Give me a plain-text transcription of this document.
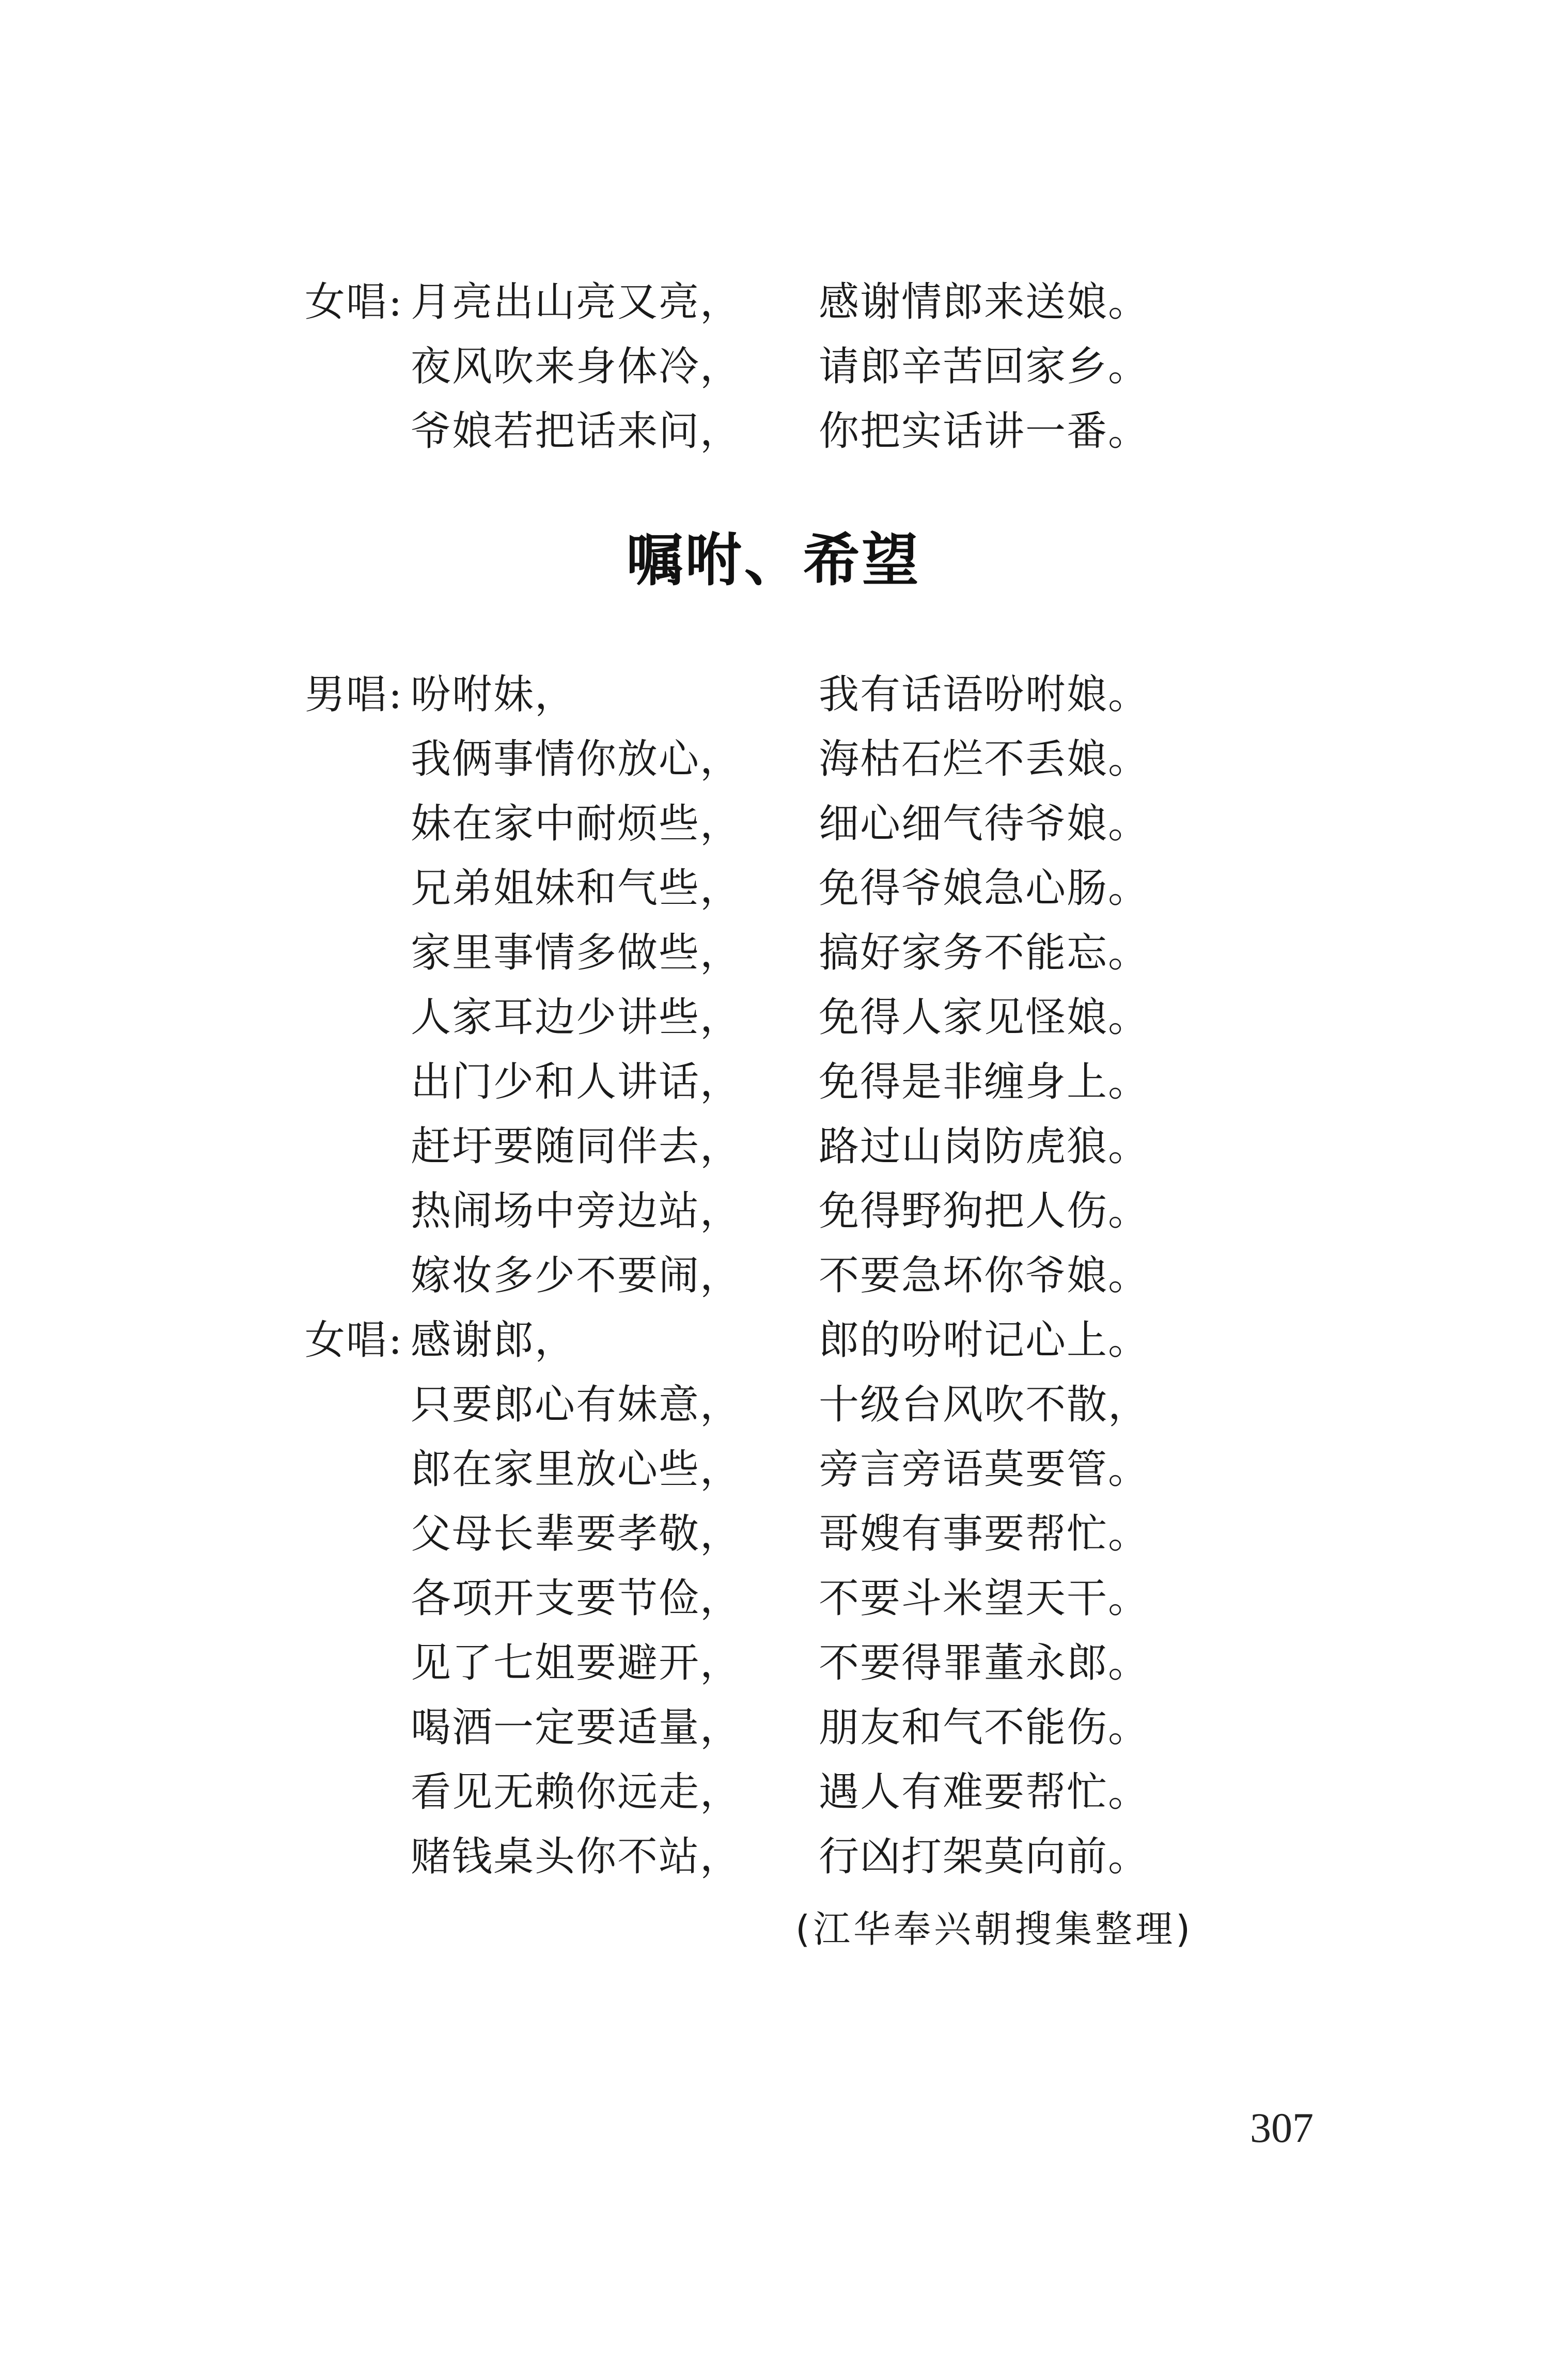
女唱 : 月亮出山亮又亮，	感谢情郎来送娘。
夜风吹来身体冷，	请郎辛苦回家乡。
爷娘若把话来问，	你把实话讲一番。
嘱咐、希望
男唱 : 吩咐妹，	我有话语吩咐娘。
我俩事情你放心，	海枯石烂不丢娘。
妹在家中耐烦些，	细心细气待爷娘。
兄弟姐妹和气些，	免得爷娘急心肠。
家里事情多做些，	搞好家务不能忘。
人家耳边少讲些，	免得人家见怪娘。
出门少和人讲话，	免得是非缠身上。
赶圩要随同伴去，	路过山岗防虎狼。
热闹场中旁边站，	免得野狗把人伤。
嫁妆多少不要闹，	不要急坏你爷娘。
女唱 : 感谢郎，	郎的吩咐记心上。
只要郎心有妹意，	十级台风吹不散，
郎在家里放心些，	旁言旁语莫要管。
父母长辈要孝敬，	哥嫂有事要帮忙。
各项开支要节俭，	不要斗米望天干。
见了七姐要避开，	不要得罪董永郎。
喝酒一定要适量，	朋友和气不能伤。
看见无赖你远走，	遇人有难要帮忙。
赌钱桌头你不站，	行凶打架莫向前。
(江华奉兴朝搜集整理)
307
